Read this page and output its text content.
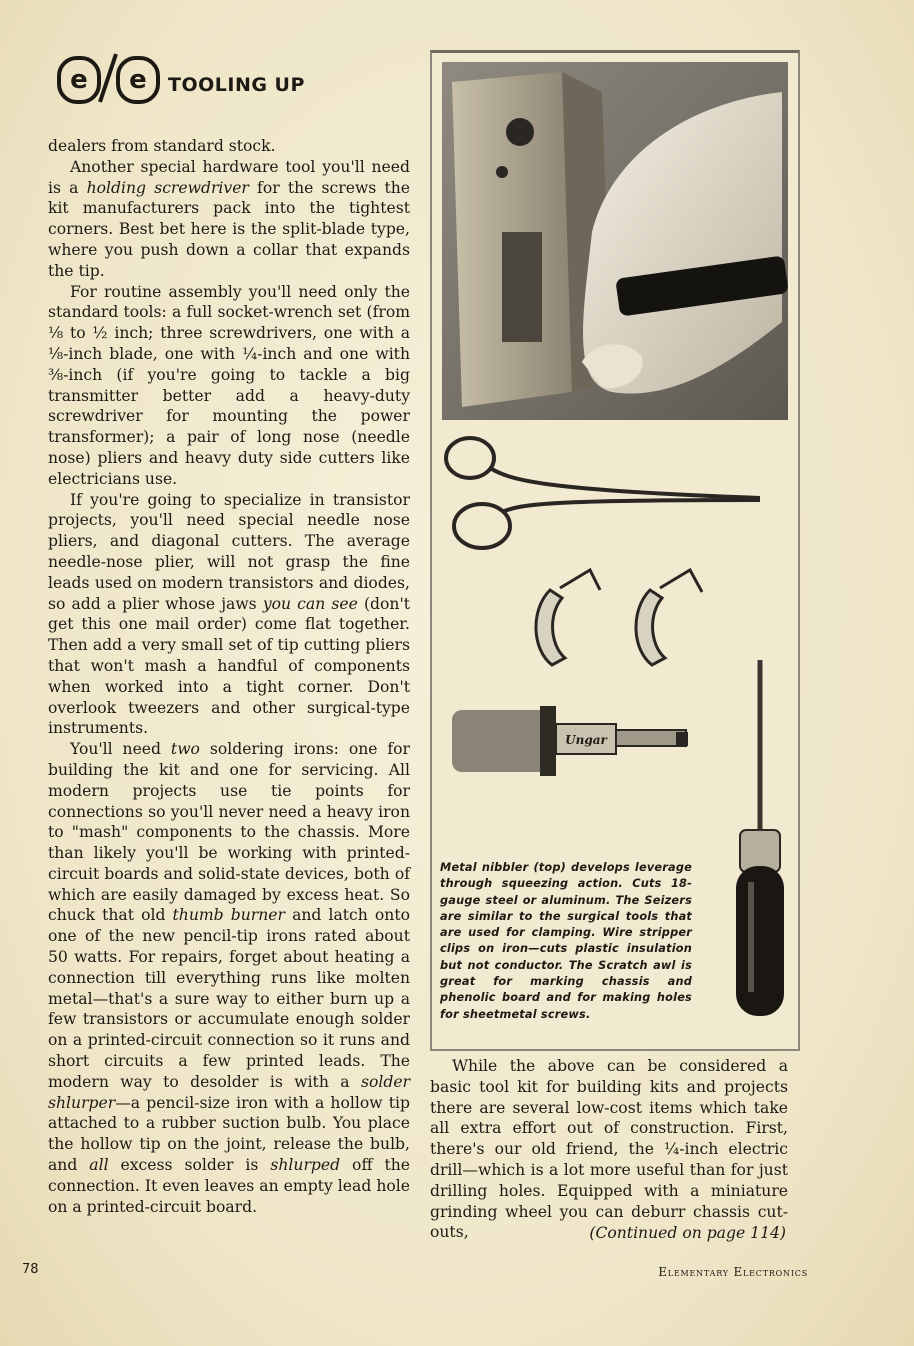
e e TOOLING UP

dealers from standard stock.

Another special hardware tool you'll need is a holding screwdriver for the screws the kit manufacturers pack into the tightest corners. Best bet here is the split-blade type, where you push down a collar that expands the tip.

For routine assembly you'll need only the standard tools: a full socket-wrench set (from ⅛ to ½ inch; three screwdrivers, one with a ⅛-inch blade, one with ¼-inch and one with ⅜-inch (if you're going to tackle a big transmitter better add a heavy-duty screwdriver for mounting the power transformer); a pair of long nose (needle nose) pliers and heavy duty side cutters like electricians use.

If you're going to specialize in transistor projects, you'll need special needle nose pliers, and diagonal cutters. The average needle-nose plier, will not grasp the fine leads used on modern transistors and diodes, so add a plier whose jaws you can see (don't get this one mail order) come flat together. Then add a very small set of tip cutting pliers that won't mash a handful of components when worked into a tight corner. Don't overlook tweezers and other surgical-type instruments.

You'll need two soldering irons: one for building the kit and one for servicing. All modern projects use tie points for connections so you'll never need a heavy iron to "mash" components to the chassis. More than likely you'll be working with printed-circuit boards and solid-state devices, both of which are easily damaged by excess heat. So chuck that old thumb burner and latch onto one of the new pencil-tip irons rated about 50 watts. For repairs, forget about heating a connection till everything runs like molten metal—that's a sure way to either burn up a few transistors or accumulate enough solder on a printed-circuit connection so it runs and short circuits a few printed leads. The modern way to desolder is with a solder shlurper—a pencil-size iron with a hollow tip attached to a rubber suction bulb. You place the hollow tip on the joint, release the bulb, and all excess solder is shlurped off the connection. It even leaves an empty lead hole on a printed-circuit board.

Ungar
Metal nibbler (top) develops leverage through squeezing action. Cuts 18-gauge steel or aluminum. The Seizers are similar to the surgical tools that are used for clamping. Wire stripper clips on iron—cuts plastic insulation but not conductor. The Scratch awl is great for marking chassis and phenolic board and for making holes for sheetmetal screws.

While the above can be considered a basic tool kit for building kits and projects there are several low-cost items which take all extra effort out of construction. First, there's our old friend, the ¼-inch electric drill—which is a lot more useful than for just drilling holes. Equipped with a miniature grinding wheel you can deburr chassis cut-outs,	(Continued on page 114)
78	Elementary Electronics
